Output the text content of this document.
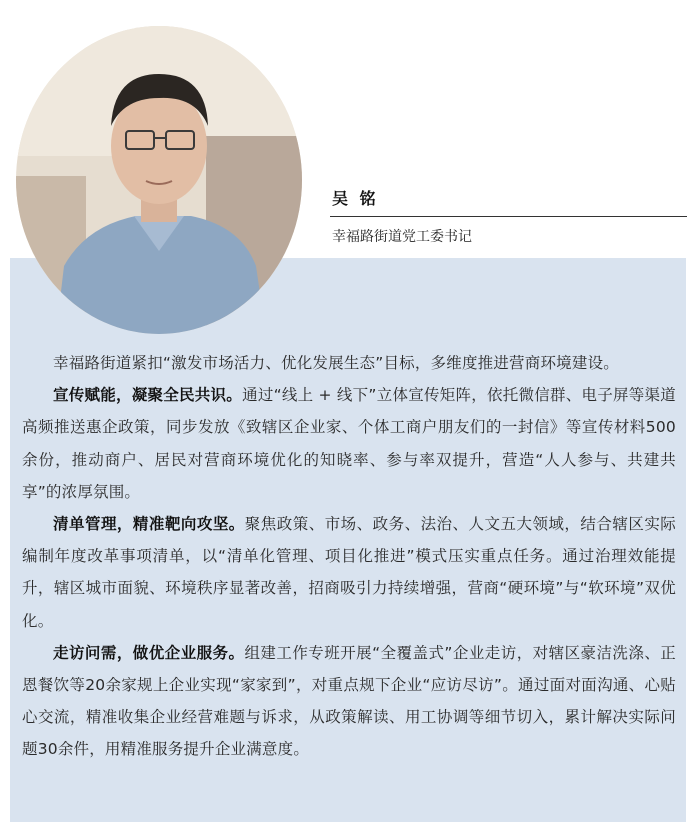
吴 铭
幸福路街道党工委书记

幸福路街道紧扣“激发市场活力、优化发展生态”目标，多维度推进营商环境建设。

宣传赋能，凝聚全民共识。通过“线上 + 线下”立体宣传矩阵，依托微信群、电子屏等渠道高频推送惠企政策，同步发放《致辖区企业家、个体工商户朋友们的一封信》等宣传材料500余份，推动商户、居民对营商环境优化的知晓率、参与率双提升，营造“人人参与、共建共享”的浓厚氛围。

清单管理，精准靶向攻坚。聚焦政策、市场、政务、法治、人文五大领域，结合辖区实际编制年度改革事项清单，以“清单化管理、项目化推进”模式压实重点任务。通过治理效能提升，辖区城市面貌、环境秩序显著改善，招商吸引力持续增强，营商“硬环境”与“软环境”双优化。

走访问需，做优企业服务。组建工作专班开展“全覆盖式”企业走访，对辖区豪洁洗涤、正恩餐饮等20余家规上企业实现“家家到”，对重点规下企业“应访尽访”。通过面对面沟通、心贴心交流，精准收集企业经营难题与诉求，从政策解读、用工协调等细节切入，累计解决实际问题30余件，用精准服务提升企业满意度。
